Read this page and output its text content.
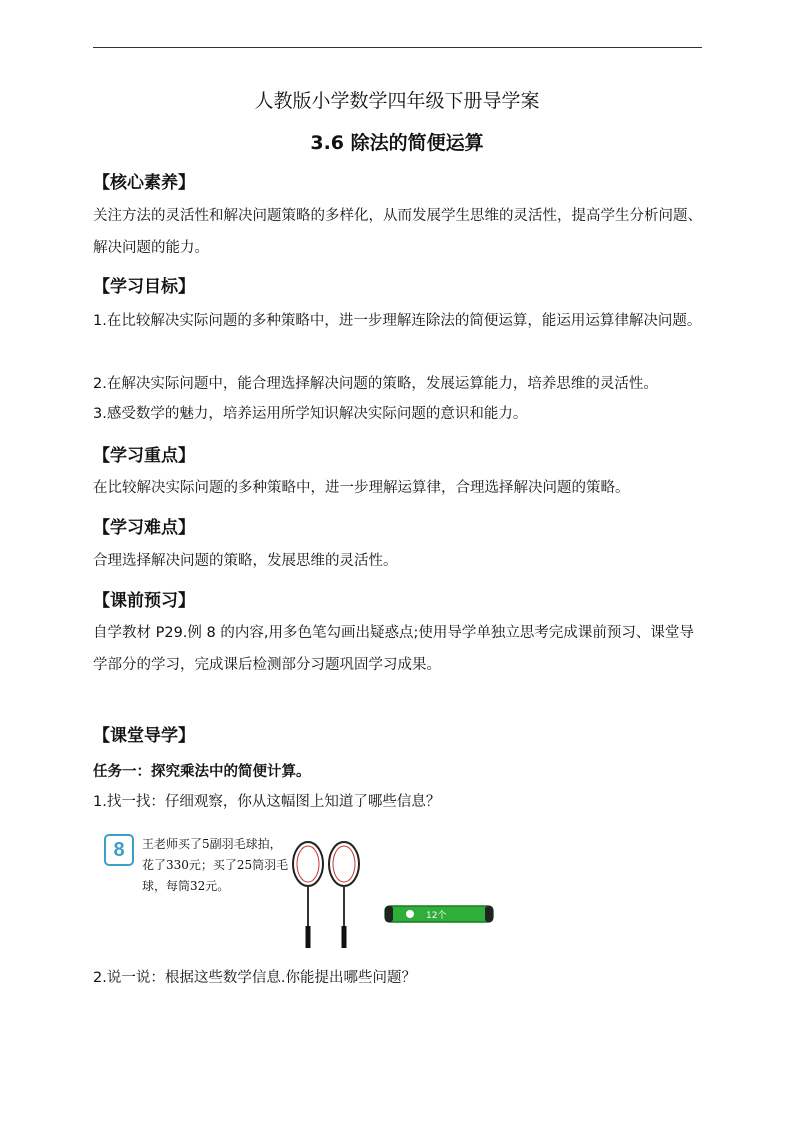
人教版小学数学四年级下册导学案
3.6 除法的简便运算
【核心素养】
关注方法的灵活性和解决问题策略的多样化，从而发展学生思维的灵活性，提高学生分析问题、解决问题的能力。
【学习目标】
1.在比较解决实际问题的多种策略中，进一步理解连除法的简便运算，能运用运算律解决问题。
2.在解决实际问题中，能合理选择解决问题的策略，发展运算能力，培养思维的灵活性。
3.感受数学的魅力，培养运用所学知识解决实际问题的意识和能力。
【学习重点】
在比较解决实际问题的多种策略中，进一步理解运算律，合理选择解决问题的策略。
【学习难点】
合理选择解决问题的策略，发展思维的灵活性。
【课前预习】
自学教材 P29.例 8 的内容,用多色笔勾画出疑惑点;使用导学单独立思考完成课前预习、课堂导学部分的学习，完成课后检测部分习题巩固学习成果。
【课堂导学】
任务一：探究乘法中的简便计算。
1.找一找：仔细观察，你从这幅图上知道了哪些信息？
8	王老师买了5副羽毛球拍，花了330元；买了25筒羽毛球，每筒32元。
12个
2.说一说：根据这些数学信息.你能提出哪些问题？
